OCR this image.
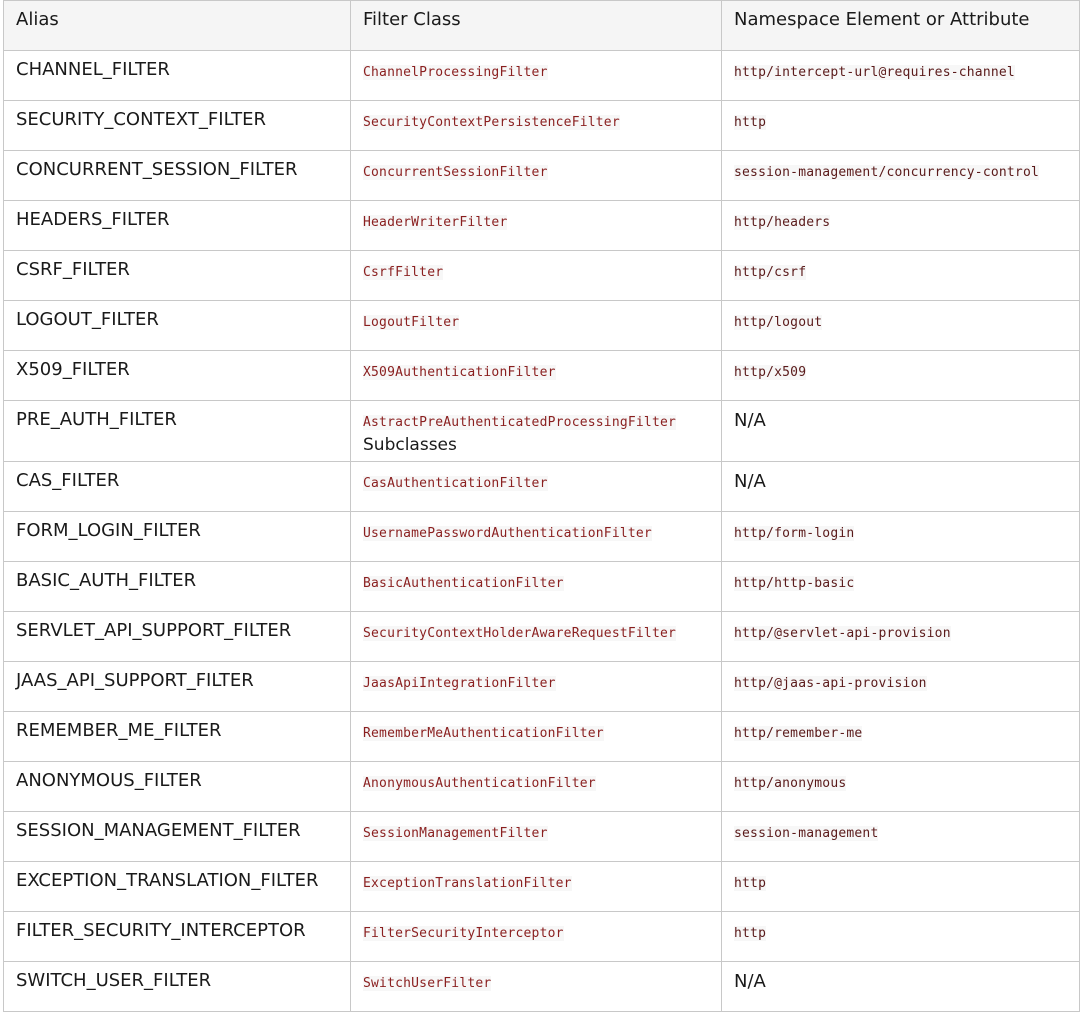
Alias	Filter Class	Namespace Element or Attribute
CHANNEL_FILTER	ChannelProcessingFilter	http/intercept-url@requires-channel
SECURITY_CONTEXT_FILTER	SecurityContextPersistenceFilter	http
CONCURRENT_SESSION_FILTER	ConcurrentSessionFilter	session-management/concurrency-control
HEADERS_FILTER	HeaderWriterFilter	http/headers
CSRF_FILTER	CsrfFilter	http/csrf
LOGOUT_FILTER	LogoutFilter	http/logout
X509_FILTER	X509AuthenticationFilter	http/x509
PRE_AUTH_FILTER	AstractPreAuthenticatedProcessingFilter Subclasses	N/A
CAS_FILTER	CasAuthenticationFilter	N/A
FORM_LOGIN_FILTER	UsernamePasswordAuthenticationFilter	http/form-login
BASIC_AUTH_FILTER	BasicAuthenticationFilter	http/http-basic
SERVLET_API_SUPPORT_FILTER	SecurityContextHolderAwareRequestFilter	http/@servlet-api-provision
JAAS_API_SUPPORT_FILTER	JaasApiIntegrationFilter	http/@jaas-api-provision
REMEMBER_ME_FILTER	RememberMeAuthenticationFilter	http/remember-me
ANONYMOUS_FILTER	AnonymousAuthenticationFilter	http/anonymous
SESSION_MANAGEMENT_FILTER	SessionManagementFilter	session-management
EXCEPTION_TRANSLATION_FILTER	ExceptionTranslationFilter	http
FILTER_SECURITY_INTERCEPTOR	FilterSecurityInterceptor	http
SWITCH_USER_FILTER	SwitchUserFilter	N/A
